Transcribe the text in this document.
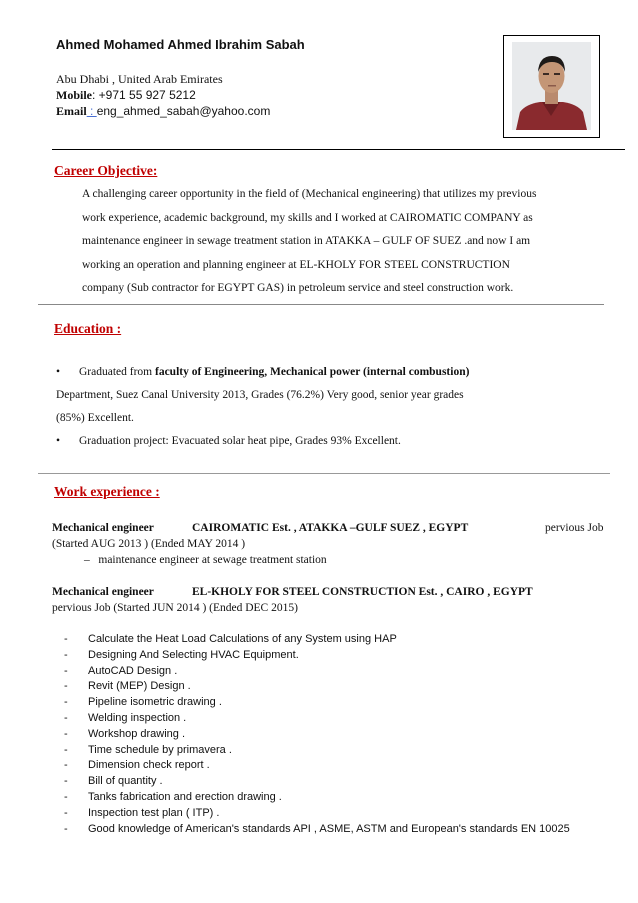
Ahmed Mohamed Ahmed Ibrahim Sabah
Abu Dhabi , United Arab Emirates
Mobile: +971 55 927 5212
Email : eng_ahmed_sabah@yahoo.com
Career Objective:
A challenging career opportunity in the field of (Mechanical engineering) that utilizes my previous
work experience, academic background, my skills and I worked at CAIROMATIC COMPANY as
maintenance engineer in sewage treatment station in ATAKKA – GULF OF SUEZ .and now I am
working an operation and planning engineer at EL-KHOLY FOR STEEL CONSTRUCTION
company (Sub contractor for EGYPT GAS) in petroleum service and steel construction work.
Education :
• Graduated from faculty of Engineering, Mechanical power (internal combustion)
Department, Suez Canal University 2013, Grades (76.2%) Very good, senior year grades
(85%) Excellent.
• Graduation project: Evacuated solar heat pipe, Grades 93% Excellent.
Work experience :
Mechanical engineer	CAIROMATIC Est. , ATAKKA –GULF SUEZ , EGYPT	pervious Job
(Started AUG 2013 ) (Ended MAY 2014 )
– maintenance engineer at sewage treatment station
Mechanical engineer	EL-KHOLY FOR STEEL CONSTRUCTION Est. , CAIRO , EGYPT
pervious Job (Started JUN 2014 ) (Ended DEC 2015)
- Calculate the Heat Load Calculations of any System using HAP
- Designing And Selecting HVAC Equipment.
- AutoCAD Design .
- Revit (MEP) Design .
- Pipeline isometric drawing .
- Welding inspection .
- Workshop drawing .
- Time schedule by primavera .
- Dimension check report .
- Bill of quantity .
- Tanks fabrication and erection drawing .
- Inspection test plan ( ITP) .
- Good knowledge of American's standards API , ASME, ASTM and European's standards EN 10025
